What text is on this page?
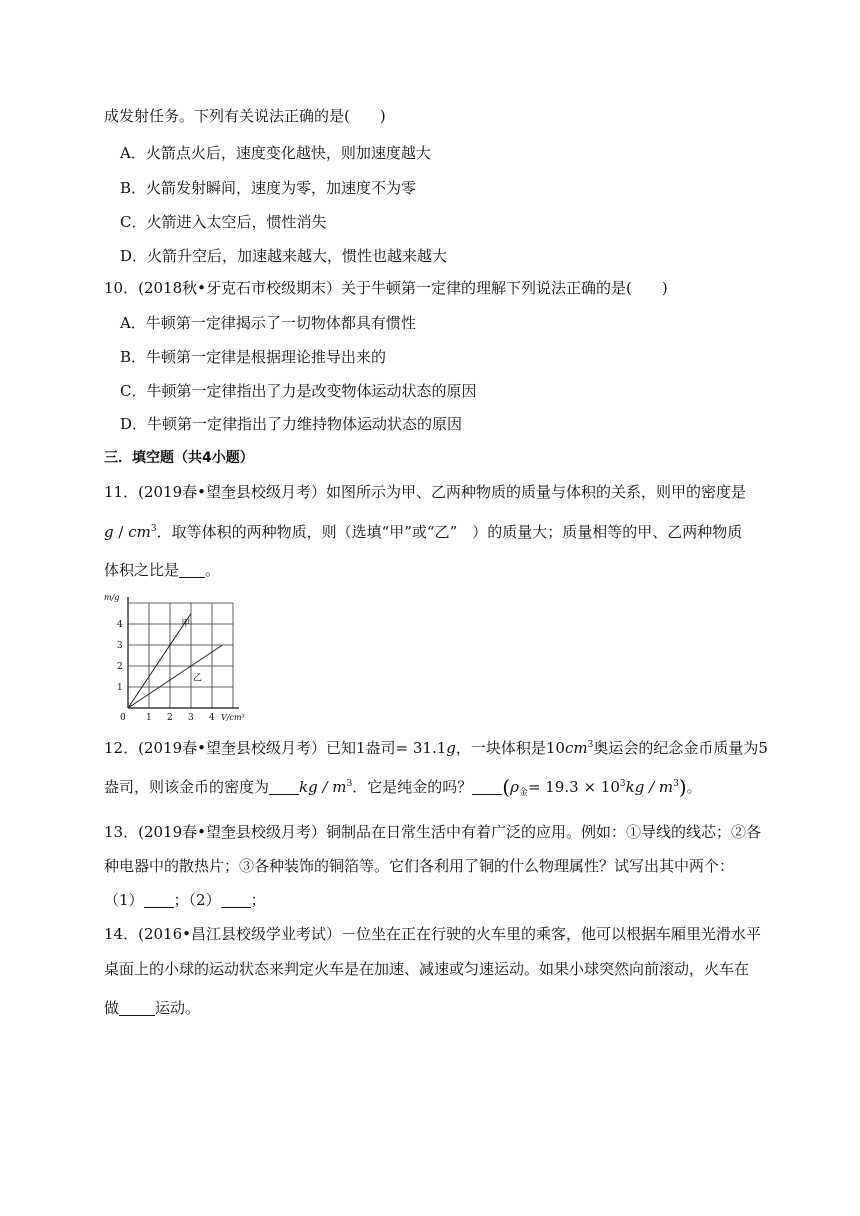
成发射任务。下列有关说法正确的是(　　)
A．火箭点火后，速度变化越快，则加速度越大
B．火箭发射瞬间，速度为零，加速度不为零
C．火箭进入太空后，惯性消失
D．火箭升空后，加速越来越大，惯性也越来越大
10．(2018秋•牙克石市校级期末）关于牛顿第一定律的理解下列说法正确的是(　　)
A．牛顿第一定律揭示了一切物体都具有惯性
B．牛顿第一定律是根据理论推导出来的
C．牛顿第一定律指出了力是改变物体运动状态的原因
D．牛顿第一定律指出了力维持物体运动状态的原因
三．填空题（共4小题）
11．(2019春•望奎县校级月考）如图所示为甲、乙两种物质的质量与体积的关系，则甲的密度是
g / $cm^3$．取等体积的两种物质，则（选填“甲”或“乙”　）的质量大；质量相等的甲、乙两种物质
体积之比是 。
甲
乙
1 2 3 4
1
2
3
4
0
m/g
V/cm³
12．(2019春•望奎县校级月考）已知1盎司= 31.1g，一块体积是$10cm^3$奥运会的纪念金币质量为5
盎司，则该金币的密度为 kg / $m^3$．它是纯金的吗？ $(\rho_金= 19.3 \times 10^3kg / m^3)$。
13．(2019春•望奎县校级月考）铜制品在日常生活中有着广泛的应用。例如：①导线的线芯；②各
种电器中的散热片；③各种装饰的铜箔等。它们各利用了铜的什么物理属性？试写出其中两个：
（1） ；（2） ；
14．(2016•昌江县校级学业考试）－位坐在正在行驶的火车里的乘客，他可以根据车厢里光滑水平
桌面上的小球的运动状态来判定火车是在加速、减速或匀速运动。如果小球突然向前滚动，火车在
做 运动。
